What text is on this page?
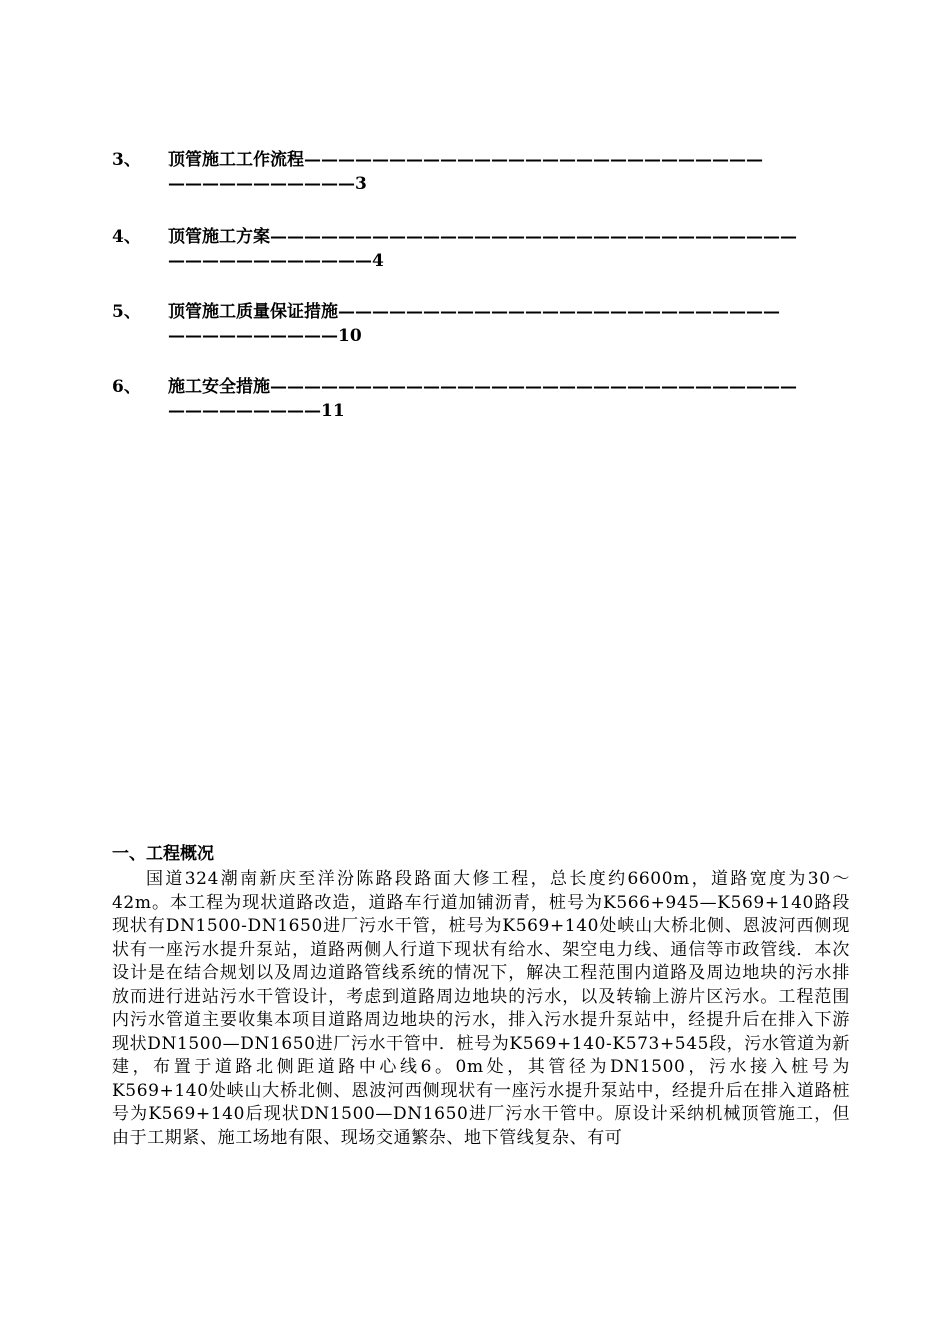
3、 顶管施工工作流程———————————————————————————
———————————3
4、 顶管施工方案———————————————————————————————
————————————4
5、 顶管施工质量保证措施——————————————————————————
——————————10
6、 施工安全措施———————————————————————————————
—————————11
一、工程概况
国道324潮南新庆至洋汾陈路段路面大修工程，总长度约6600m，道路宽度为30～42m。本工程为现状道路改造，道路车行道加铺沥青，桩号为K566+945—K569+140路段现状有DN1500-DN1650进厂污水干管，桩号为K569+140处峡山大桥北侧、恩波河西侧现状有一座污水提升泵站，道路两侧人行道下现状有给水、架空电力线、通信等市政管线．本次设计是在结合规划以及周边道路管线系统的情况下，解决工程范围内道路及周边地块的污水排放而进行进站污水干管设计，考虑到道路周边地块的污水，以及转输上游片区污水。工程范围内污水管道主要收集本项目道路周边地块的污水，排入污水提升泵站中，经提升后在排入下游现状DN1500—DN1650进厂污水干管中．桩号为K569+140-K573+545段，污水管道为新建，布置于道路北侧距道路中心线6。0m处，其管径为DN1500，污水接入桩号为K569+140处峡山大桥北侧、恩波河西侧现状有一座污水提升泵站中，经提升后在排入道路桩号为K569+140后现状DN1500—DN1650进厂污水干管中。原设计采纳机械顶管施工，但由于工期紧、施工场地有限、现场交通繁杂、地下管线复杂、有可
